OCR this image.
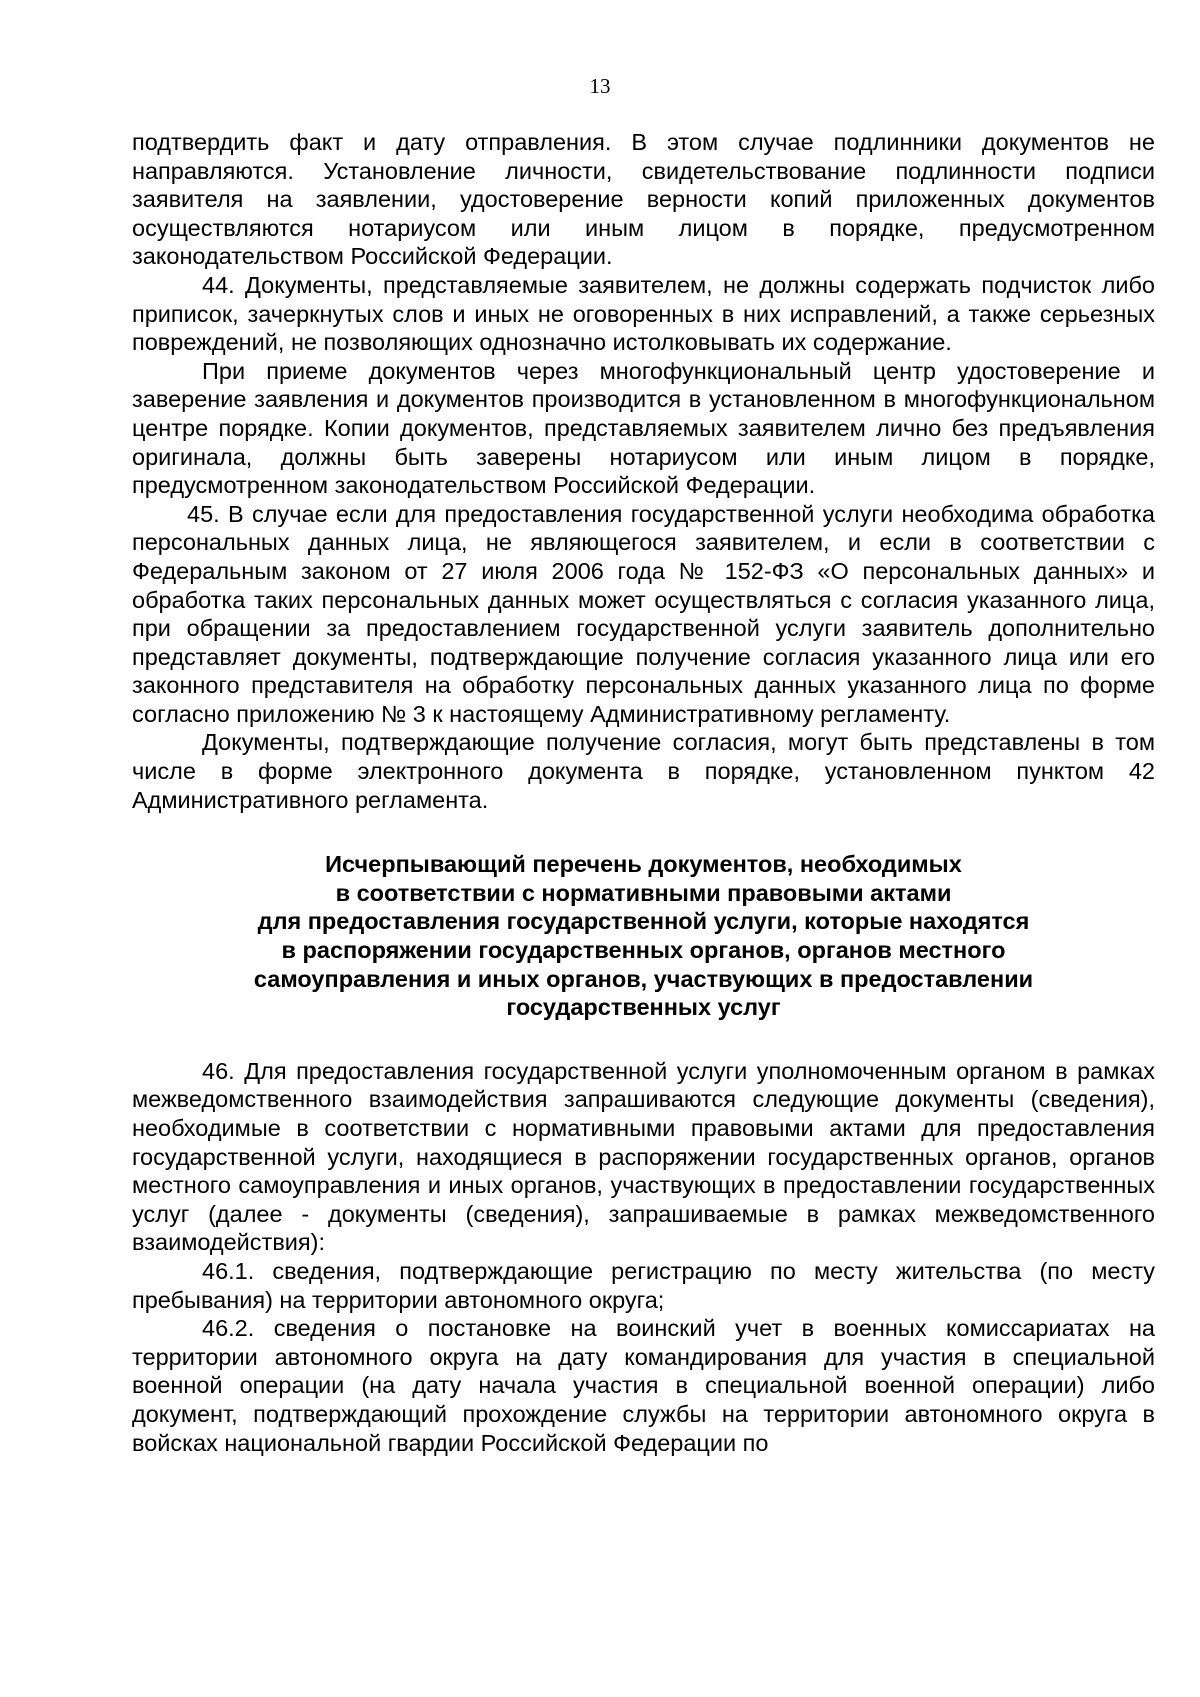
13

подтвердить факт и дату отправления. В этом случае подлинники документов не направляются. Установление личности, свидетельствование подлинности подписи заявителя на заявлении, удостоверение верности копий приложенных документов осуществляются нотариусом или иным лицом в порядке, предусмотренном законодательством Российской Федерации.

44. Документы, представляемые заявителем, не должны содержать подчисток либо приписок, зачеркнутых слов и иных не оговоренных в них исправлений, а также серьезных повреждений, не позволяющих однозначно истолковывать их содержание.

При приеме документов через многофункциональный центр удостоверение и заверение заявления и документов производится в установленном в многофункциональном центре порядке. Копии документов, представляемых заявителем лично без предъявления оригинала, должны быть заверены нотариусом или иным лицом в порядке, предусмотренном законодательством Российской Федерации.

45. В случае если для предоставления государственной услуги необходима обработка персональных данных лица, не являющегося заявителем, и если в соответствии с Федеральным законом от 27 июля 2006 года № 152-ФЗ «О персональных данных» и обработка таких персональных данных может осуществляться с согласия указанного лица, при обращении за предоставлением государственной услуги заявитель дополнительно представляет документы, подтверждающие получение согласия указанного лица или его законного представителя на обработку персональных данных указанного лица по форме согласно приложению № 3 к настоящему Административному регламенту.

Документы, подтверждающие получение согласия, могут быть представлены в том числе в форме электронного документа в порядке, установленном пунктом 42 Административного регламента.

Исчерпывающий перечень документов, необходимых
в соответствии с нормативными правовыми актами
для предоставления государственной услуги, которые находятся
в распоряжении государственных органов, органов местного
самоуправления и иных органов, участвующих в предоставлении
государственных услуг

46. Для предоставления государственной услуги уполномоченным органом в рамках межведомственного взаимодействия запрашиваются следующие документы (сведения), необходимые в соответствии с нормативными правовыми актами для предоставления государственной услуги, находящиеся в распоряжении государственных органов, органов местного самоуправления и иных органов, участвующих в предоставлении государственных услуг (далее - документы (сведения), запрашиваемые в рамках межведомственного взаимодействия):

46.1. сведения, подтверждающие регистрацию по месту жительства (по месту пребывания) на территории автономного округа;

46.2. сведения о постановке на воинский учет в военных комиссариатах на территории автономного округа на дату командирования для участия в специальной военной операции (на дату начала участия в специальной военной операции) либо документ, подтверждающий прохождение службы на территории автономного округа в войсках национальной гвардии Российской Федерации по
